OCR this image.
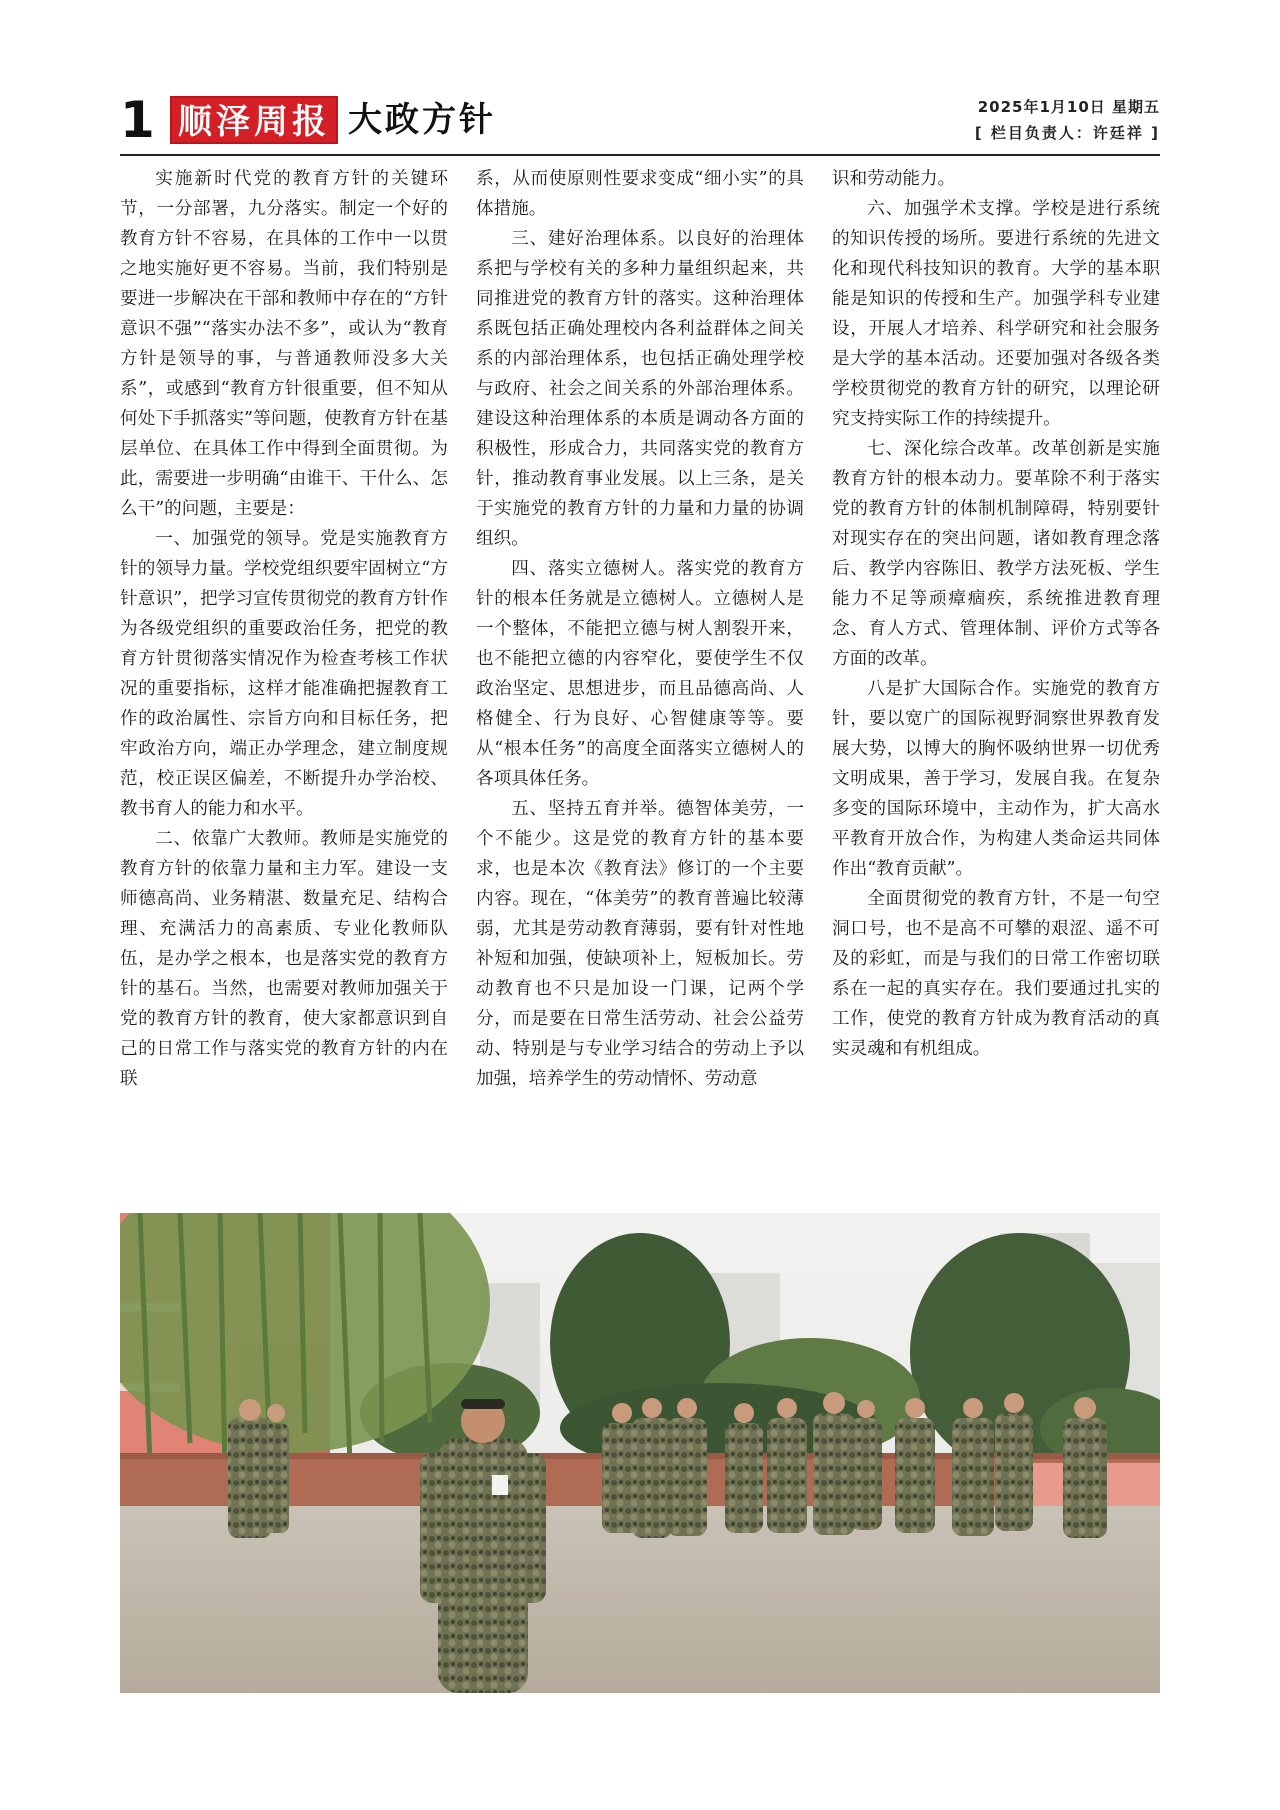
1 顺泽周报 大政方针	2025年1月10日 星期五
[ 栏目负责人：许廷祥 ]

实施新时代党的教育方针的关键环节，一分部署，九分落实。制定一个好的教育方针不容易，在具体的工作中一以贯之地实施好更不容易。当前，我们特别是要进一步解决在干部和教师中存在的“方针意识不强”“落实办法不多”，或认为“教育方针是领导的事，与普通教师没多大关系”，或感到“教育方针很重要，但不知从何处下手抓落实”等问题，使教育方针在基层单位、在具体工作中得到全面贯彻。为此，需要进一步明确“由谁干、干什么、怎么干”的问题，主要是：

一、加强党的领导。党是实施教育方针的领导力量。学校党组织要牢固树立“方针意识”，把学习宣传贯彻党的教育方针作为各级党组织的重要政治任务，把党的教育方针贯彻落实情况作为检查考核工作状况的重要指标，这样才能准确把握教育工作的政治属性、宗旨方向和目标任务，把牢政治方向，端正办学理念，建立制度规范，校正误区偏差，不断提升办学治校、教书育人的能力和水平。

二、依靠广大教师。教师是实施党的教育方针的依靠力量和主力军。建设一支师德高尚、业务精湛、数量充足、结构合理、充满活力的高素质、专业化教师队伍，是办学之根本，也是落实党的教育方针的基石。当然，也需要对教师加强关于党的教育方针的教育，使大家都意识到自己的日常工作与落实党的教育方针的内在联

系，从而使原则性要求变成“细小实”的具体措施。

三、建好治理体系。以良好的治理体系把与学校有关的多种力量组织起来，共同推进党的教育方针的落实。这种治理体系既包括正确处理校内各利益群体之间关系的内部治理体系，也包括正确处理学校与政府、社会之间关系的外部治理体系。建设这种治理体系的本质是调动各方面的积极性，形成合力，共同落实党的教育方针，推动教育事业发展。以上三条，是关于实施党的教育方针的力量和力量的协调组织。

四、落实立德树人。落实党的教育方针的根本任务就是立德树人。立德树人是一个整体，不能把立德与树人割裂开来，也不能把立德的内容窄化，要使学生不仅政治坚定、思想进步，而且品德高尚、人格健全、行为良好、心智健康等等。要从“根本任务”的高度全面落实立德树人的各项具体任务。

五、坚持五育并举。德智体美劳，一个不能少。这是党的教育方针的基本要求，也是本次《教育法》修订的一个主要内容。现在，“体美劳”的教育普遍比较薄弱，尤其是劳动教育薄弱，要有针对性地补短和加强，使缺项补上，短板加长。劳动教育也不只是加设一门课，记两个学分，而是要在日常生活劳动、社会公益劳动、特别是与专业学习结合的劳动上予以加强，培养学生的劳动情怀、劳动意

识和劳动能力。

六、加强学术支撑。学校是进行系统的知识传授的场所。要进行系统的先进文化和现代科技知识的教育。大学的基本职能是知识的传授和生产。加强学科专业建设，开展人才培养、科学研究和社会服务是大学的基本活动。还要加强对各级各类学校贯彻党的教育方针的研究，以理论研究支持实际工作的持续提升。

七、深化综合改革。改革创新是实施教育方针的根本动力。要革除不利于落实党的教育方针的体制机制障碍，特别要针对现实存在的突出问题，诸如教育理念落后、教学内容陈旧、教学方法死板、学生能力不足等顽瘴痼疾，系统推进教育理念、育人方式、管理体制、评价方式等各方面的改革。

八是扩大国际合作。实施党的教育方针，要以宽广的国际视野洞察世界教育发展大势，以博大的胸怀吸纳世界一切优秀文明成果，善于学习，发展自我。在复杂多变的国际环境中，主动作为，扩大高水平教育开放合作，为构建人类命运共同体作出“教育贡献”。

全面贯彻党的教育方针，不是一句空洞口号，也不是高不可攀的艰涩、遥不可及的彩虹，而是与我们的日常工作密切联系在一起的真实存在。我们要通过扎实的工作，使党的教育方针成为教育活动的真实灵魂和有机组成。
